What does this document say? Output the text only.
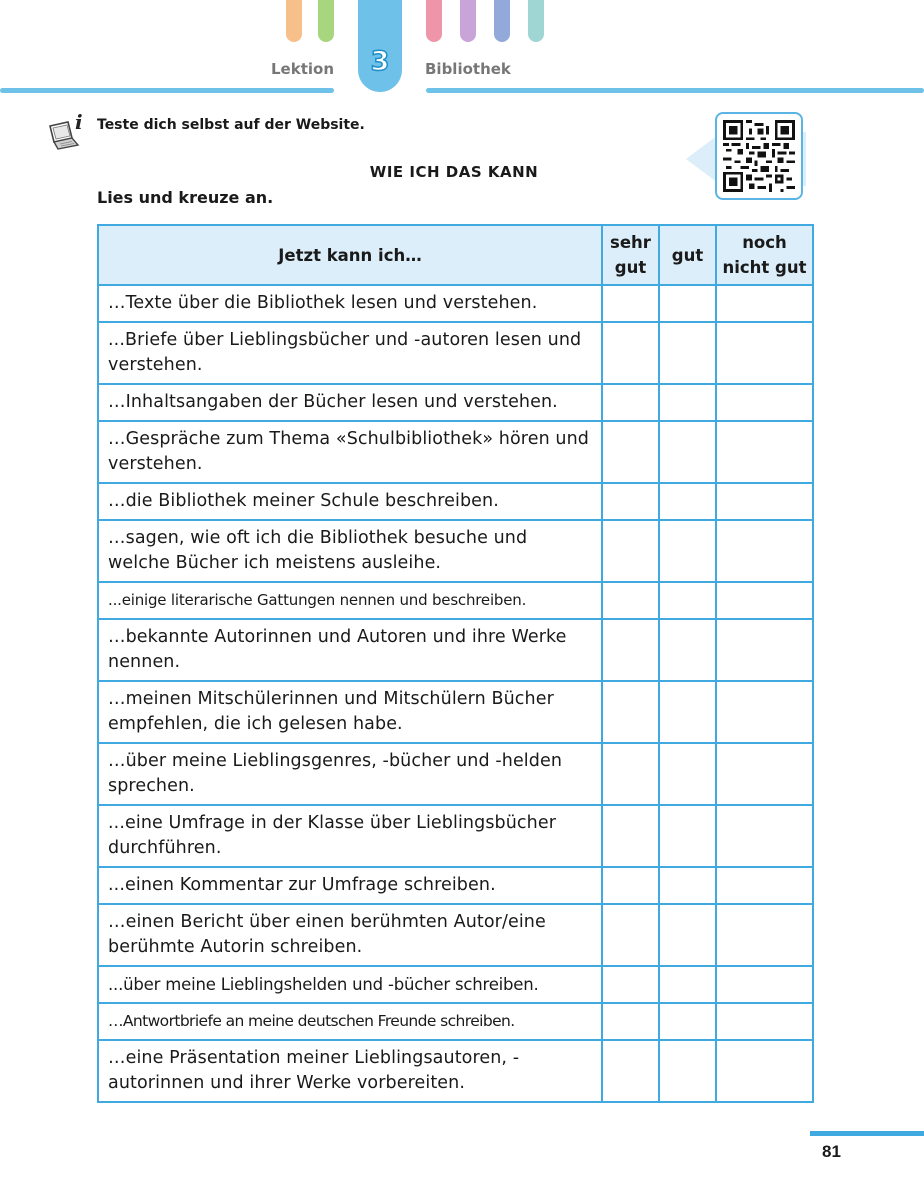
3
Lektion	Bibliothek
i Teste dich selbst auf der Website.
WIE ICH DAS KANN
Lies und kreuze an.
Jetzt kann ich…	sehr gut	gut	noch nicht gut
…Texte über die Bibliothek lesen und verstehen.			
...Briefe über Lieblingsbücher und -autoren lesen und verstehen.			
…Inhaltsangaben der Bücher lesen und verstehen.			
…Gespräche zum Thema «Schulbibliothek» hören und verstehen.			
…die Bibliothek meiner Schule beschreiben.			
…sagen, wie oft ich die Bibliothek besuche und welche Bücher ich meistens ausleihe.			
...einige literarische Gattungen nennen und beschreiben.			
…bekannte Autorinnen und Autoren und ihre Werke nennen.			
…meinen Mitschülerinnen und Mitschülern Bücher empfehlen, die ich gelesen habe.			
…über meine Lieblingsgenres, -bücher und -helden sprechen.			
...eine Umfrage in der Klasse über Lieblingsbücher durchführen.			
...einen Kommentar zur Umfrage schreiben.			
…einen Bericht über einen berühmten Autor/eine berühmte Autorin schreiben.			
...über meine Lieblingshelden und -bücher schreiben.			
…Antwortbriefe an meine deutschen Freunde schreiben.			
…eine Präsentation meiner Lieblingsautoren, -autorinnen und ihrer Werke vorbereiten.			
81
